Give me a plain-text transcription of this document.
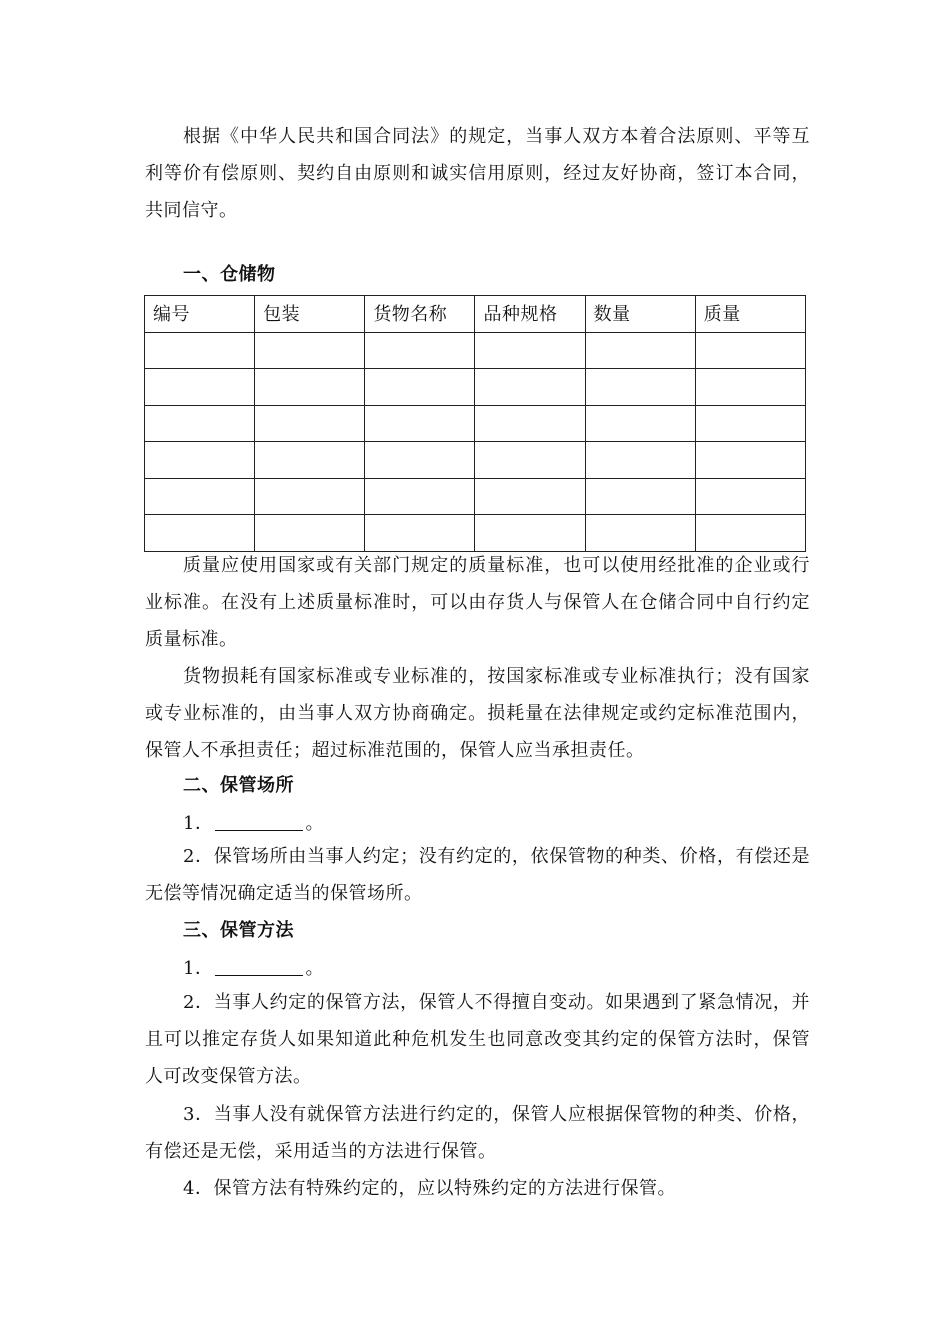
根据《中华人民共和国合同法》的规定，当事人双方本着合法原则、平等互利等价有偿原则、契约自由原则和诚实信用原则，经过友好协商，签订本合同，共同信守。

一、仓储物
编号	包装	货物名称	品种规格	数量	质量

质量应使用国家或有关部门规定的质量标准，也可以使用经批准的企业或行业标准。在没有上述质量标准时，可以由存货人与保管人在仓储合同中自行约定质量标准。

货物损耗有国家标准或专业标准的，按国家标准或专业标准执行；没有国家或专业标准的，由当事人双方协商确定。损耗量在法律规定或约定标准范围内，保管人不承担责任；超过标准范围的，保管人应当承担责任。

二、保管场所
1．	。

2．保管场所由当事人约定；没有约定的，依保管物的种类、价格，有偿还是无偿等情况确定适当的保管场所。

三、保管方法
1．	。

2．当事人约定的保管方法，保管人不得擅自变动。如果遇到了紧急情况，并且可以推定存货人如果知道此种危机发生也同意改变其约定的保管方法时，保管人可改变保管方法。

3．当事人没有就保管方法进行约定的，保管人应根据保管物的种类、价格，有偿还是无偿，采用适当的方法进行保管。

4．保管方法有特殊约定的，应以特殊约定的方法进行保管。
